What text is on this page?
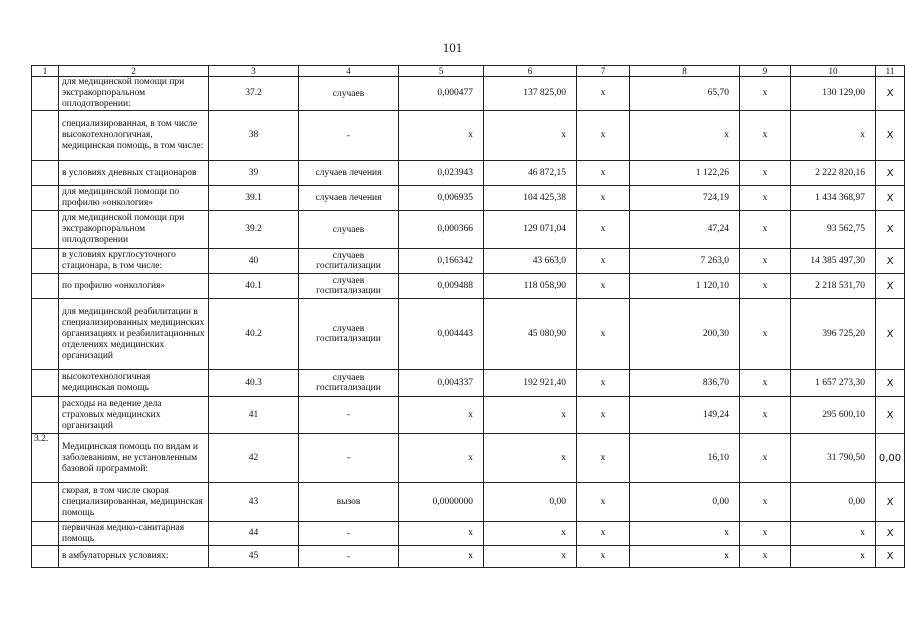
101
1	2	3	4	5	6	7	8	9	10	11
	для медицинской помощи при экстракорпоральном оплодотворении:	37.2	случаев	0,000477	137 825,00	х	65,70	х	130 129,00	X
	специализированная, в том числе высокотехнологичная, медицинская помощь, в том числе:	38	-	х	х	х	х	х	х	X
	в условиях дневных стационаров	39	случаев лечения	0,023943	46 872,15	х	1 122,26	х	2 222 820,16	X
	для медицинской помощи по профилю «онкология»	39.1	случаев лечения	0,006935	104 425,38	х	724,19	х	1 434 368,97	X
	для медицинской помощи при экстракорпоральном оплодотворении	39.2	случаев	0,000366	129 071,04	х	47,24	х	93 562,75	X
	в условиях круглосуточного стационара, в том числе:	40	случаев госпитализации	0,166342	43 663,0	х	7 263,0	х	14 385 497,30	X
	по профилю «онкология»	40.1	случаев госпитализации	0,009488	118 058,90	х	1 120,10	х	2 218 531,70	X
	для медицинской реабилитации в специализированных медицинских организациях и реабилитационных отделениях медицинских организаций	40.2	случаев госпитализации	0,004443	45 080,90	х	200,30	х	396 725,20	X
	высокотехнологичная медицинская помощь	40.3	случаев госпитализации	0,004337	192 921,40	х	836,70	х	1 657 273,30	X
	расходы на ведение дела страховых медицинских организаций	41	-	х	х	х	149,24	х	295 600,10	X
3.2.	Медицинская помощь по видам и заболеваниям, не установленным базовой программой:	42	-	х	х	х	16,10	х	31 790,50	0,00
	скорая, в том числе скорая специализированная, медицинская помощь	43	вызов	0,0000000	0,00	х	0,00	х	0,00	X
	первичная медико-санитарная помощь	44	-	х	х	х	х	х	х	X
	в амбулаторных условиях:	45	-	х	х	х	х	х	х	X
